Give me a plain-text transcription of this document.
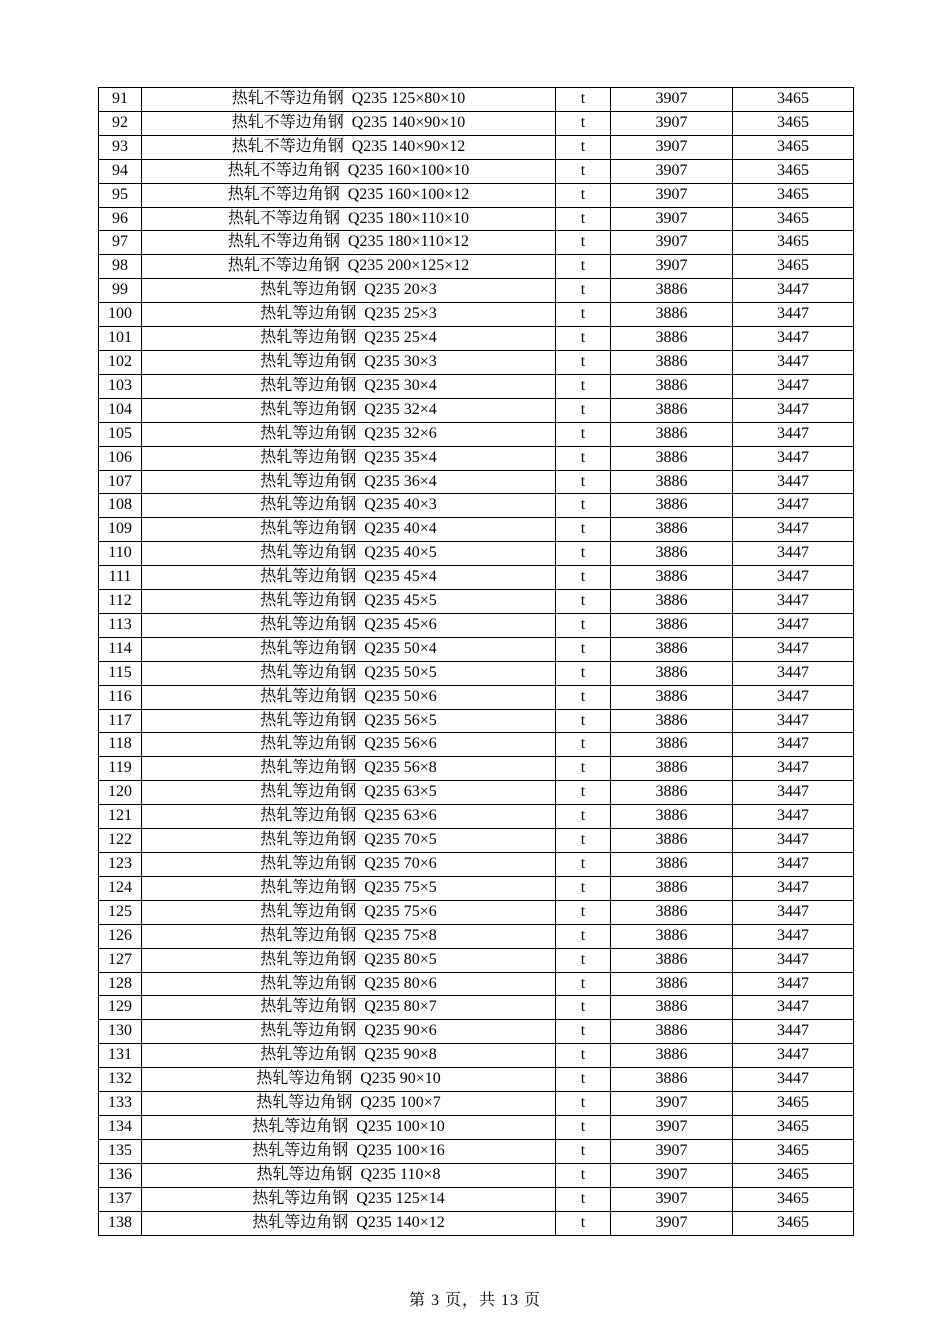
91	热轧不等边角钢  Q235 125×80×10	t	3907	3465
92	热轧不等边角钢  Q235 140×90×10	t	3907	3465
93	热轧不等边角钢  Q235 140×90×12	t	3907	3465
94	热轧不等边角钢  Q235 160×100×10	t	3907	3465
95	热轧不等边角钢  Q235 160×100×12	t	3907	3465
96	热轧不等边角钢  Q235 180×110×10	t	3907	3465
97	热轧不等边角钢  Q235 180×110×12	t	3907	3465
98	热轧不等边角钢  Q235 200×125×12	t	3907	3465
99	热轧等边角钢  Q235 20×3	t	3886	3447
100	热轧等边角钢  Q235 25×3	t	3886	3447
101	热轧等边角钢  Q235 25×4	t	3886	3447
102	热轧等边角钢  Q235 30×3	t	3886	3447
103	热轧等边角钢  Q235 30×4	t	3886	3447
104	热轧等边角钢  Q235 32×4	t	3886	3447
105	热轧等边角钢  Q235 32×6	t	3886	3447
106	热轧等边角钢  Q235 35×4	t	3886	3447
107	热轧等边角钢  Q235 36×4	t	3886	3447
108	热轧等边角钢  Q235 40×3	t	3886	3447
109	热轧等边角钢  Q235 40×4	t	3886	3447
110	热轧等边角钢  Q235 40×5	t	3886	3447
111	热轧等边角钢  Q235 45×4	t	3886	3447
112	热轧等边角钢  Q235 45×5	t	3886	3447
113	热轧等边角钢  Q235 45×6	t	3886	3447
114	热轧等边角钢  Q235 50×4	t	3886	3447
115	热轧等边角钢  Q235 50×5	t	3886	3447
116	热轧等边角钢  Q235 50×6	t	3886	3447
117	热轧等边角钢  Q235 56×5	t	3886	3447
118	热轧等边角钢  Q235 56×6	t	3886	3447
119	热轧等边角钢  Q235 56×8	t	3886	3447
120	热轧等边角钢  Q235 63×5	t	3886	3447
121	热轧等边角钢  Q235 63×6	t	3886	3447
122	热轧等边角钢  Q235 70×5	t	3886	3447
123	热轧等边角钢  Q235 70×6	t	3886	3447
124	热轧等边角钢  Q235 75×5	t	3886	3447
125	热轧等边角钢  Q235 75×6	t	3886	3447
126	热轧等边角钢  Q235 75×8	t	3886	3447
127	热轧等边角钢  Q235 80×5	t	3886	3447
128	热轧等边角钢  Q235 80×6	t	3886	3447
129	热轧等边角钢  Q235 80×7	t	3886	3447
130	热轧等边角钢  Q235 90×6	t	3886	3447
131	热轧等边角钢  Q235 90×8	t	3886	3447
132	热轧等边角钢  Q235 90×10	t	3886	3447
133	热轧等边角钢  Q235 100×7	t	3907	3465
134	热轧等边角钢  Q235 100×10	t	3907	3465
135	热轧等边角钢  Q235 100×16	t	3907	3465
136	热轧等边角钢  Q235 110×8	t	3907	3465
137	热轧等边角钢  Q235 125×14	t	3907	3465
138	热轧等边角钢  Q235 140×12	t	3907	3465
第 3 页，共 13 页
